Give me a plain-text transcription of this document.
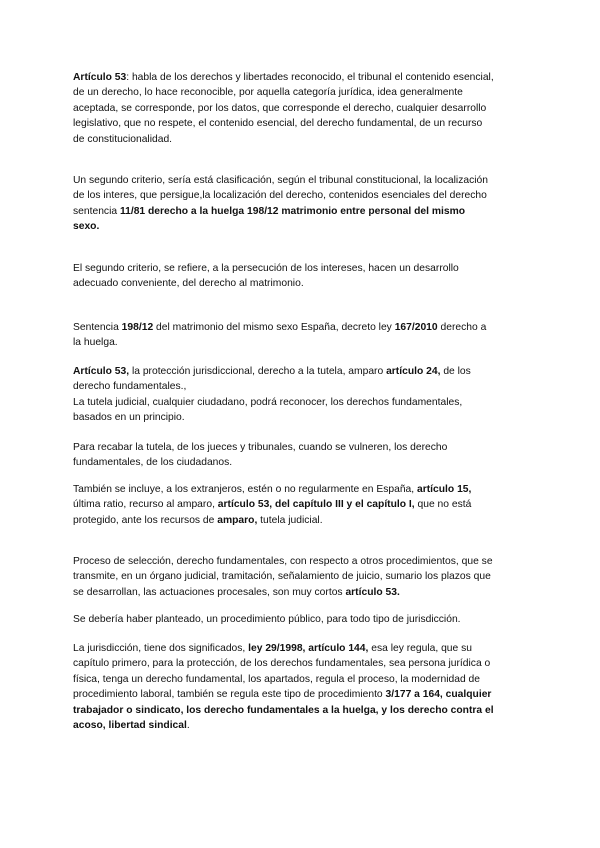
Artículo 53: habla de los derechos y libertades reconocido, el tribunal el contenido esencial,
de un derecho, lo hace reconocible, por aquella categoría jurídica, idea generalmente
aceptada, se corresponde, por los datos, que corresponde el derecho, cualquier desarrollo
legislativo, que no respete, el contenido esencial, del derecho fundamental, de un recurso
de constitucionalidad.
Un segundo criterio, sería está clasificación, según el tribunal constitucional, la localización
de los interes, que persigue,la localización del derecho, contenidos esenciales del derecho
sentencia 11/81 derecho a la huelga 198/12 matrimonio entre personal del mismo
sexo.
El segundo criterio, se refiere, a la persecución de los intereses, hacen un desarrollo
adecuado conveniente, del derecho al matrimonio.
Sentencia 198/12 del matrimonio del mismo sexo España, decreto ley 167/2010 derecho a
la huelga.
Artículo 53, la protección jurisdiccional, derecho a la tutela, amparo artículo 24, de los
derecho fundamentales.,
La tutela judicial, cualquier ciudadano, podrá reconocer, los derechos fundamentales,
basados en un principio.
Para recabar la tutela, de los jueces y tribunales, cuando se vulneren, los derecho
fundamentales, de los ciudadanos.
También se incluye, a los extranjeros, estén o no regularmente en España, artículo 15,
última ratio, recurso al amparo, artículo 53, del capítulo III y el capítulo I, que no está
protegido, ante los recursos de amparo, tutela judicial.
Proceso de selección, derecho fundamentales, con respecto a otros procedimientos, que se
transmite, en un órgano judicial, tramitación, señalamiento de juicio, sumario los plazos que
se desarrollan, las actuaciones procesales, son muy cortos artículo 53.
Se debería haber planteado, un procedimiento público, para todo tipo de jurisdicción.
La jurisdicción, tiene dos significados, ley 29/1998, artículo 144, esa ley regula, que su
capítulo primero, para la protección, de los derechos fundamentales, sea persona jurídica o
física, tenga un derecho fundamental, los apartados, regula el proceso, la modernidad de
procedimiento laboral, también se regula este tipo de procedimiento 3/177 a 164, cualquier
trabajador o sindicato, los derecho fundamentales a la huelga, y los derecho contra el
acoso, libertad sindical.
